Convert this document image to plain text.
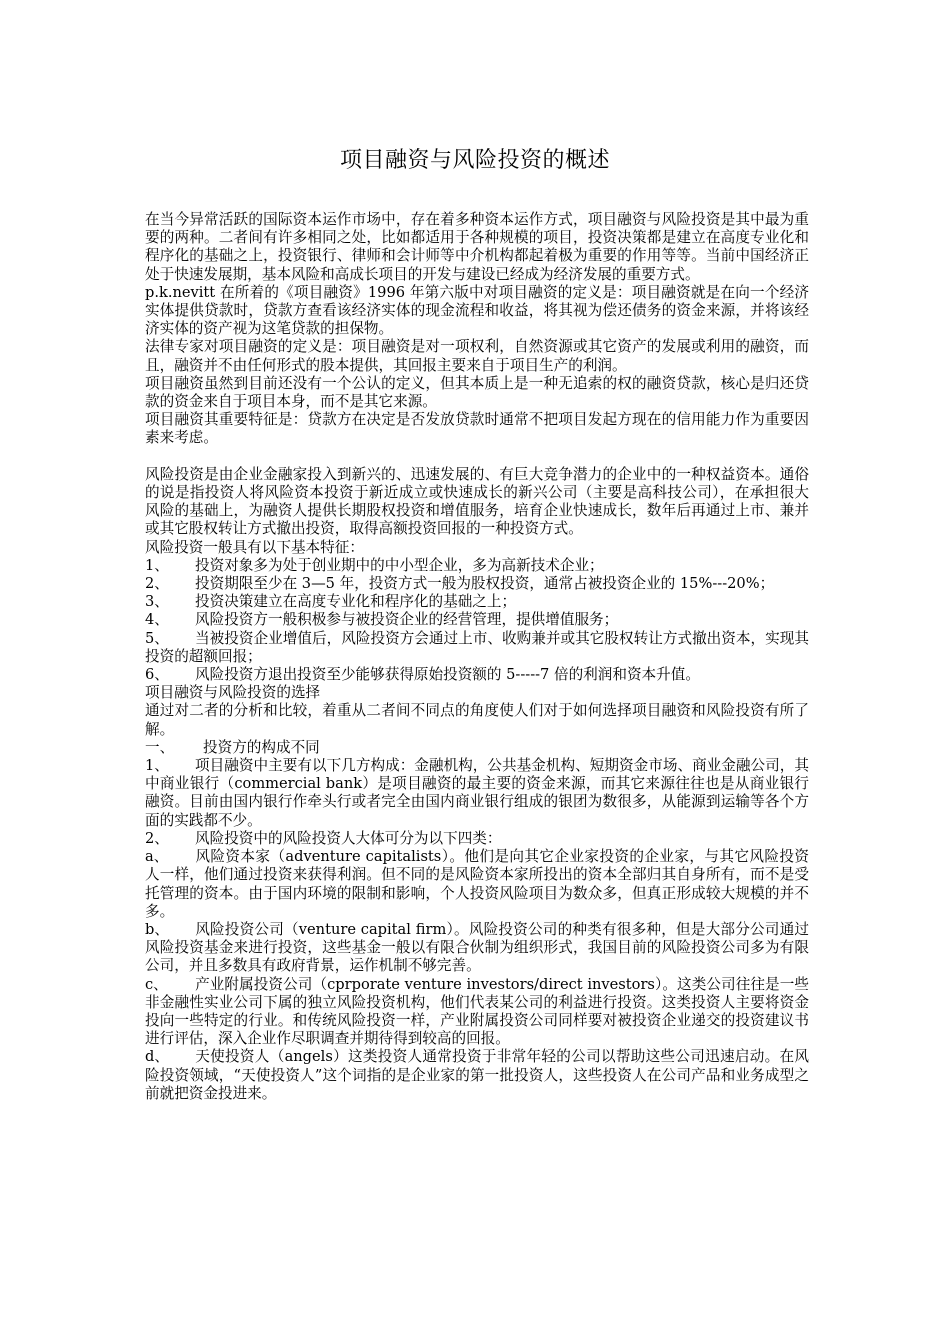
项目融资与风险投资的概述

在当今异常活跃的国际资本运作市场中，存在着多种资本运作方式，项目融资与风险投资是其中最为重要的两种。二者间有许多相同之处，比如都适用于各种规模的项目，投资决策都是建立在高度专业化和程序化的基础之上，投资银行、律师和会计师等中介机构都起着极为重要的作用等等。当前中国经济正处于快速发展期，基本风险和高成长项目的开发与建设已经成为经济发展的重要方式。

p.k.nevitt 在所着的《项目融资》1996 年第六版中对项目融资的定义是：项目融资就是在向一个经济实体提供贷款时，贷款方查看该经济实体的现金流程和收益，将其视为偿还债务的资金来源，并将该经济实体的资产视为这笔贷款的担保物。

法律专家对项目融资的定义是：项目融资是对一项权利，自然资源或其它资产的发展或利用的融资，而且，融资并不由任何形式的股本提供，其回报主要来自于项目生产的利润。

项目融资虽然到目前还没有一个公认的定义，但其本质上是一种无追索的权的融资贷款，核心是归还贷款的资金来自于项目本身，而不是其它来源。

项目融资其重要特征是：贷款方在决定是否发放贷款时通常不把项目发起方现在的信用能力作为重要因素来考虑。

风险投资是由企业金融家投入到新兴的、迅速发展的、有巨大竞争潜力的企业中的一种权益资本。通俗的说是指投资人将风险资本投资于新近成立或快速成长的新兴公司（主要是高科技公司），在承担很大风险的基础上，为融资人提供长期股权投资和增值服务，培育企业快速成长，数年后再通过上市、兼并或其它股权转让方式撤出投资，取得高额投资回报的一种投资方式。

风险投资一般具有以下基本特征：

1、 投资对象多为处于创业期中的中小型企业，多为高新技术企业；

2、 投资期限至少在 3—5 年，投资方式一般为股权投资，通常占被投资企业的 15%---20%；

3、 投资决策建立在高度专业化和程序化的基础之上；

4、 风险投资方一般积极参与被投资企业的经营管理，提供增值服务；

5、 当被投资企业增值后，风险投资方会通过上市、收购兼并或其它股权转让方式撤出资本，实现其投资的超额回报；

6、 风险投资方退出投资至少能够获得原始投资额的 5-----7 倍的利润和资本升值。

项目融资与风险投资的选择

通过对二者的分析和比较，着重从二者间不同点的角度使人们对于如何选择项目融资和风险投资有所了解。

一、 投资方的构成不同

1、 项目融资中主要有以下几方构成：金融机构，公共基金机构、短期资金市场、商业金融公司，其中商业银行（commercial bank）是项目融资的最主要的资金来源，而其它来源往往也是从商业银行融资。目前由国内银行作牵头行或者完全由国内商业银行组成的银团为数很多，从能源到运输等各个方面的实践都不少。

2、 风险投资中的风险投资人大体可分为以下四类：

a、 风险资本家（adventure capitalists）。他们是向其它企业家投资的企业家，与其它风险投资人一样，他们通过投资来获得利润。但不同的是风险资本家所投出的资本全部归其自身所有，而不是受托管理的资本。由于国内环境的限制和影响，个人投资风险项目为数众多，但真正形成较大规模的并不多。

b、 风险投资公司（venture capital firm）。风险投资公司的种类有很多种，但是大部分公司通过风险投资基金来进行投资，这些基金一般以有限合伙制为组织形式，我国目前的风险投资公司多为有限公司，并且多数具有政府背景，运作机制不够完善。

c、 产业附属投资公司（cprporate venture investors/direct investors）。这类公司往往是一些非金融性实业公司下属的独立风险投资机构，他们代表某公司的利益进行投资。这类投资人主要将资金投向一些特定的行业。和传统风险投资一样，产业附属投资公司同样要对被投资企业递交的投资建议书进行评估，深入企业作尽职调查并期待得到较高的回报。

d、 天使投资人（angels）这类投资人通常投资于非常年轻的公司以帮助这些公司迅速启动。在风险投资领域，“天使投资人”这个词指的是企业家的第一批投资人，这些投资人在公司产品和业务成型之前就把资金投进来。
